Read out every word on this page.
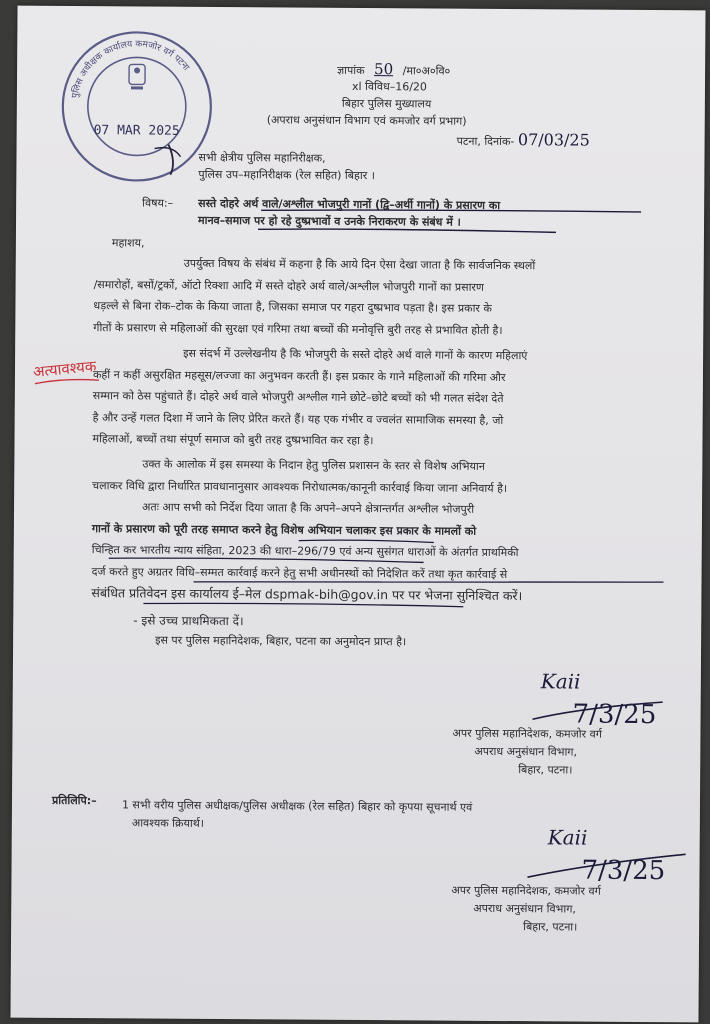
पुलिस अधीक्षक कार्यालय कमजोर वर्ग पटना
07 MAR 2025
ज्ञापांक 50 /मा०अ०वि०
xl विविध–16/20
बिहार पुलिस मुख्यालय
(अपराध अनुसंधान विभाग एवं कमजोर वर्ग प्रभाग)
पटना, दिनांक- 07/03/25
सभी क्षेत्रीय पुलिस महानिरीक्षक,
पुलिस उप–महानिरीक्षक (रेल सहित) बिहार ।
विषय:– सस्ते दोहरे अर्थ वाले/अश्लील भोजपुरी गानों (द्वि–अर्थी गानों) के प्रसारण का
मानव–समाज पर हो रहे दुष्प्रभावों व उनके निराकरण के संबंध में ।
महाशय,
अत्यावश्यक
उपर्युक्त विषय के संबंध में कहना है कि आये दिन ऐसा देखा जाता है कि सार्वजनिक स्थलों
/समारोहों, बसों/ट्रकों, ऑटो रिक्शा आदि में सस्ते दोहरे अर्थ वाले/अश्लील भोजपुरी गानों का प्रसारण
धड़ल्ले से बिना रोक–टोक के किया जाता है, जिसका समाज पर गहरा दुष्प्रभाव पड़ता है। इस प्रकार के
गीतों के प्रसारण से महिलाओं की सुरक्षा एवं गरिमा तथा बच्चों की मनोवृत्ति बुरी तरह से प्रभावित होती है।
इस संदर्भ में उल्लेखनीय है कि भोजपुरी के सस्ते दोहरे अर्थ वाले गानों के कारण महिलाएं
कहीं न कहीं असुरक्षित महसूस/लज्जा का अनुभवन करती हैं। इस प्रकार के गाने महिलाओं की गरिमा और
सम्मान को ठेस पहुंचाते हैं। दोहरे अर्थ वाले भोजपुरी अश्लील गाने छोटे–छोटे बच्चों को भी गलत संदेश देते
है और उन्हें गलत दिशा में जाने के लिए प्रेरित करते हैं। यह एक गंभीर व ज्वलंत सामाजिक समस्या है, जो
महिलाओं, बच्चों तथा संपूर्ण समाज को बुरी तरह दुष्प्रभावित कर रहा है।
उक्त के आलोक में इस समस्या के निदान हेतु पुलिस प्रशासन के स्तर से विशेष अभियान
चलाकर विधि द्वारा निर्धारित प्रावधानानुसार आवश्यक निरोधात्मक/कानूनी कार्रवाई किया जाना अनिवार्य है।
अतः आप सभी को निर्देश दिया जाता है कि अपने–अपने क्षेत्रान्तर्गत अश्लील भोजपुरी
गानों के प्रसारण को पूरी तरह समाप्त करने हेतु विशेष अभियान चलाकर इस प्रकार के मामलों को
चिन्हित कर भारतीय न्याय संहिता, 2023 की धारा–296/79 एवं अन्य सुसंगत धाराओं के अंतर्गत प्राथमिकी
दर्ज करते हुए अग्रतर विधि–सम्मत कार्रवाई करने हेतु सभी अधीनस्थों को निदेशित करें तथा कृत कार्रवाई से
संबंधित प्रतिवेदन इस कार्यालय ई–मेल dspmak-bih@gov.in पर पर भेजना सुनिश्चित करें।
- इसे उच्च प्राथमिकता दें।
इस पर पुलिस महानिदेशक, बिहार, पटना का अनुमोदन प्राप्त है।
Kaii
7/3/25
अपर पुलिस महानिदेशक, कमजोर वर्ग
अपराध अनुसंधान विभाग,
बिहार, पटना।
प्रतिलिपि:– 1 सभी वरीय पुलिस अधीक्षक/पुलिस अधीक्षक (रेल सहित) बिहार को कृपया सूचनार्थ एवं
आवश्यक क्रियार्थ।
Kaii
7/3/25
अपर पुलिस महानिदेशक, कमजोर वर्ग
अपराध अनुसंधान विभाग,
बिहार, पटना।
